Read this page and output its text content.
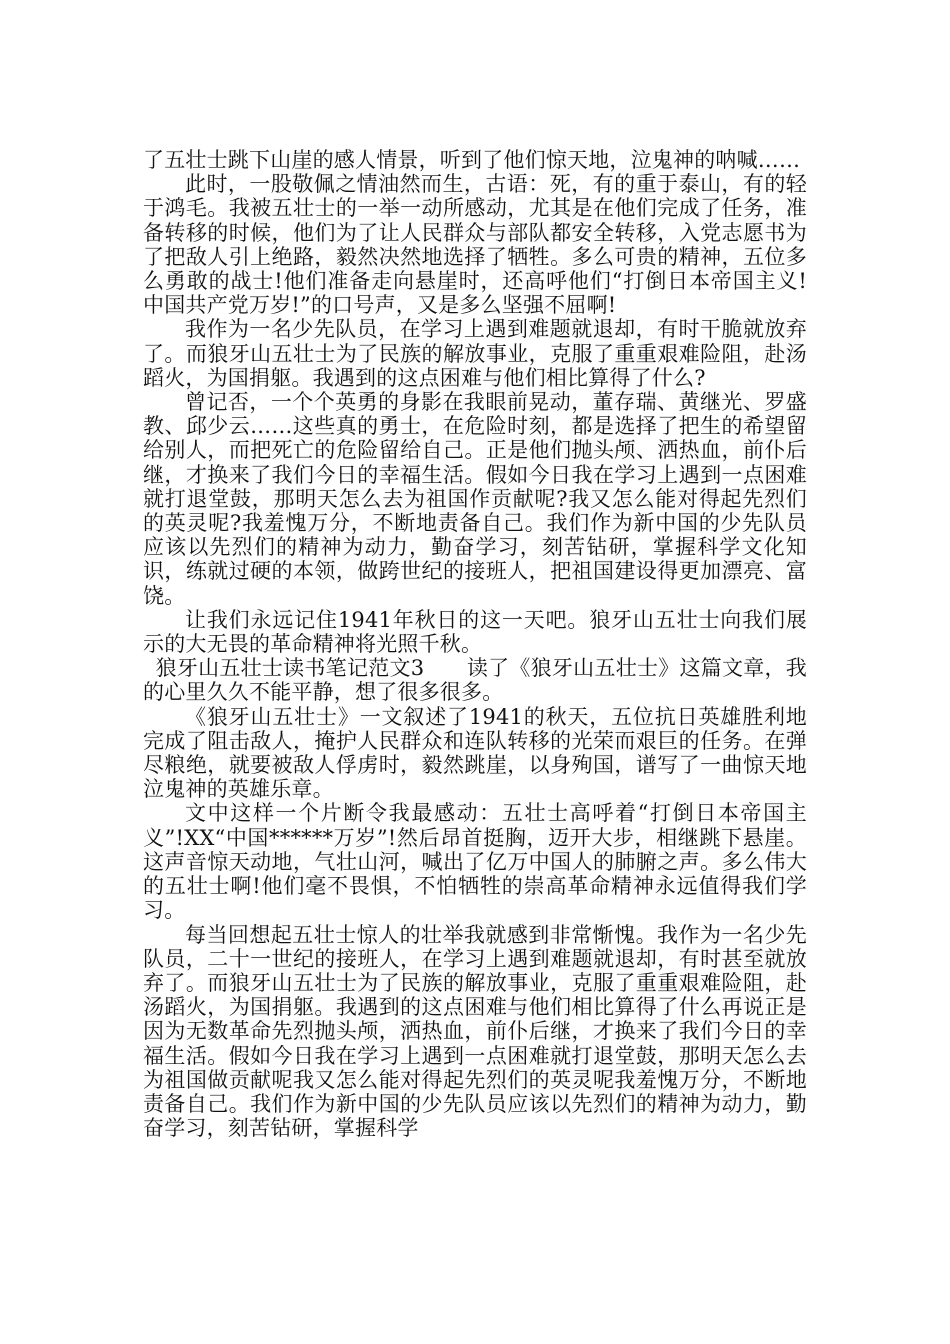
了五壮士跳下山崖的感人情景，听到了他们惊天地，泣鬼神的呐喊……

此时，一股敬佩之情油然而生，古语：死，有的重于泰山，有的轻于鸿毛。我被五壮士的一举一动所感动，尤其是在他们完成了任务，准备转移的时候，他们为了让人民群众与部队都安全转移，入党志愿书为了把敌人引上绝路，毅然决然地选择了牺牲。多么可贵的精神，五位多么勇敢的战士!他们准备走向悬崖时，还高呼他们“打倒日本帝国主义!中国共产党万岁!”的口号声，又是多么坚强不屈啊!

我作为一名少先队员，在学习上遇到难题就退却，有时干脆就放弃了。而狼牙山五壮士为了民族的解放事业，克服了重重艰难险阻，赴汤蹈火，为国捐躯。我遇到的这点困难与他们相比算得了什么?

曾记否，一个个英勇的身影在我眼前晃动，董存瑞、黄继光、罗盛教、邱少云……这些真的勇士，在危险时刻，都是选择了把生的希望留给别人，而把死亡的危险留给自己。正是他们抛头颅、洒热血，前仆后继，才换来了我们今日的幸福生活。假如今日我在学习上遇到一点困难就打退堂鼓，那明天怎么去为祖国作贡献呢?我又怎么能对得起先烈们的英灵呢?我羞愧万分，不断地责备自己。我们作为新中国的少先队员应该以先烈们的精神为动力，勤奋学习，刻苦钻研，掌握科学文化知识，练就过硬的本领，做跨世纪的接班人，把祖国建设得更加漂亮、富饶。

让我们永远记住1941年秋日的这一天吧。狼牙山五壮士向我们展示的大无畏的革命精神将光照千秋。

狼牙山五壮士读书笔记范文3　　读了《狼牙山五壮士》这篇文章，我的心里久久不能平静，想了很多很多。

《狼牙山五壮士》一文叙述了1941的秋天，五位抗日英雄胜利地完成了阻击敌人，掩护人民群众和连队转移的光荣而艰巨的任务。在弹尽粮绝，就要被敌人俘虏时，毅然跳崖，以身殉国，谱写了一曲惊天地泣鬼神的英雄乐章。

文中这样一个片断令我最感动：五壮士高呼着“打倒日本帝国主义”!XX“中国******万岁”!然后昂首挺胸，迈开大步，相继跳下悬崖。这声音惊天动地，气壮山河，喊出了亿万中国人的肺腑之声。多么伟大的五壮士啊!他们毫不畏惧，不怕牺牲的崇高革命精神永远值得我们学习。

每当回想起五壮士惊人的壮举我就感到非常惭愧。我作为一名少先队员，二十一世纪的接班人，在学习上遇到难题就退却，有时甚至就放弃了。而狼牙山五壮士为了民族的解放事业，克服了重重艰难险阻，赴汤蹈火，为国捐躯。我遇到的这点困难与他们相比算得了什么再说正是因为无数革命先烈抛头颅，洒热血，前仆后继，才换来了我们今日的幸福生活。假如今日我在学习上遇到一点困难就打退堂鼓，那明天怎么去为祖国做贡献呢我又怎么能对得起先烈们的英灵呢我羞愧万分，不断地责备自己。我们作为新中国的少先队员应该以先烈们的精神为动力，勤奋学习，刻苦钻研，掌握科学
